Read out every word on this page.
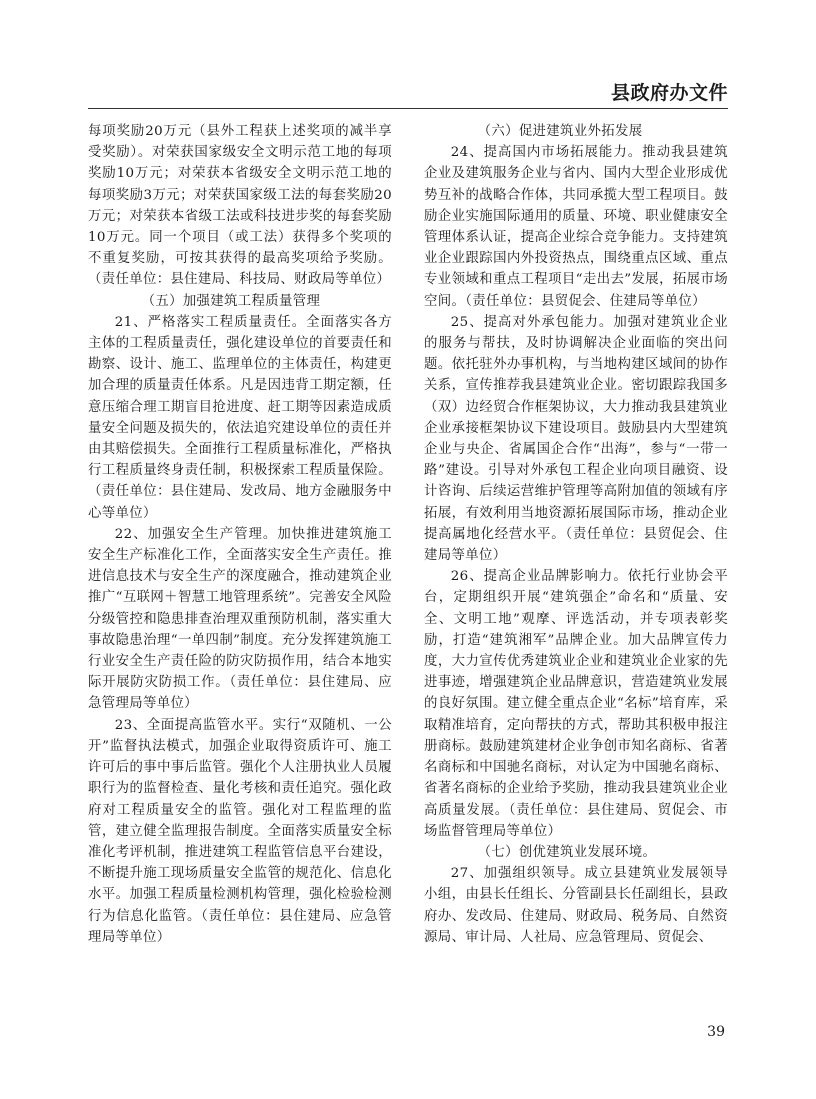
县政府办文件

每项奖励20万元（县外工程获上述奖项的减半享受奖励）。对荣获国家级安全文明示范工地的每项奖励10万元；对荣获本省级安全文明示范工地的每项奖励3万元；对荣获国家级工法的每套奖励20万元；对荣获本省级工法或科技进步奖的每套奖励10万元。同一个项目（或工法）获得多个奖项的不重复奖励，可按其获得的最高奖项给予奖励。（责任单位：县住建局、科技局、财政局等单位）

（五）加强建筑工程质量管理

21、严格落实工程质量责任。全面落实各方主体的工程质量责任，强化建设单位的首要责任和勘察、设计、施工、监理单位的主体责任，构建更加合理的质量责任体系。凡是因违背工期定额，任意压缩合理工期盲目抢进度、赶工期等因素造成质量安全问题及损失的，依法追究建设单位的责任并由其赔偿损失。全面推行工程质量标准化，严格执行工程质量终身责任制，积极探索工程质量保险。（责任单位：县住建局、发改局、地方金融服务中心等单位）

22、加强安全生产管理。加快推进建筑施工安全生产标准化工作，全面落实安全生产责任。推进信息技术与安全生产的深度融合，推动建筑企业推广“互联网＋智慧工地管理系统”。完善安全风险分级管控和隐患排查治理双重预防机制，落实重大事故隐患治理“一单四制”制度。充分发挥建筑施工行业安全生产责任险的防灾防损作用，结合本地实际开展防灾防损工作。（责任单位：县住建局、应急管理局等单位）

23、全面提高监管水平。实行“双随机、一公开”监督执法模式，加强企业取得资质许可、施工许可后的事中事后监管。强化个人注册执业人员履职行为的监督检查、量化考核和责任追究。强化政府对工程质量安全的监管。强化对工程监理的监管，建立健全监理报告制度。全面落实质量安全标准化考评机制，推进建筑工程监管信息平台建设，不断提升施工现场质量安全监管的规范化、信息化水平。加强工程质量检测机构管理，强化检验检测行为信息化监管。（责任单位：县住建局、应急管理局等单位）

（六）促进建筑业外拓发展

24、提高国内市场拓展能力。推动我县建筑企业及建筑服务企业与省内、国内大型企业形成优势互补的战略合作体，共同承揽大型工程项目。鼓励企业实施国际通用的质量、环境、职业健康安全管理体系认证，提高企业综合竞争能力。支持建筑业企业跟踪国内外投资热点，围绕重点区域、重点专业领域和重点工程项目“走出去”发展，拓展市场空间。（责任单位：县贸促会、住建局等单位）

25、提高对外承包能力。加强对建筑业企业的服务与帮扶，及时协调解决企业面临的突出问题。依托驻外办事机构，与当地构建区域间的协作关系，宣传推荐我县建筑业企业。密切跟踪我国多（双）边经贸合作框架协议，大力推动我县建筑业企业承接框架协议下建设项目。鼓励县内大型建筑企业与央企、省属国企合作“出海”，参与“一带一路”建设。引导对外承包工程企业向项目融资、设计咨询、后续运营维护管理等高附加值的领域有序拓展，有效利用当地资源拓展国际市场，推动企业提高属地化经营水平。（责任单位：县贸促会、住建局等单位）

26、提高企业品牌影响力。依托行业协会平台，定期组织开展“建筑强企”命名和“质量、安全、文明工地”观摩、评选活动，并专项表彰奖励，打造“建筑湘军”品牌企业。加大品牌宣传力度，大力宣传优秀建筑业企业和建筑业企业家的先进事迹，增强建筑企业品牌意识，营造建筑业发展的良好氛围。建立健全重点企业“名标”培育库，采取精准培育，定向帮扶的方式，帮助其积极申报注册商标。鼓励建筑建材企业争创市知名商标、省著名商标和中国驰名商标，对认定为中国驰名商标、省著名商标的企业给予奖励，推动我县建筑业企业高质量发展。（责任单位：县住建局、贸促会、市场监督管理局等单位）

（七）创优建筑业发展环境。

27、加强组织领导。成立县建筑业发展领导小组，由县长任组长、分管副县长任副组长，县政府办、发改局、住建局、财政局、税务局、自然资源局、审计局、人社局、应急管理局、贸促会、

39
